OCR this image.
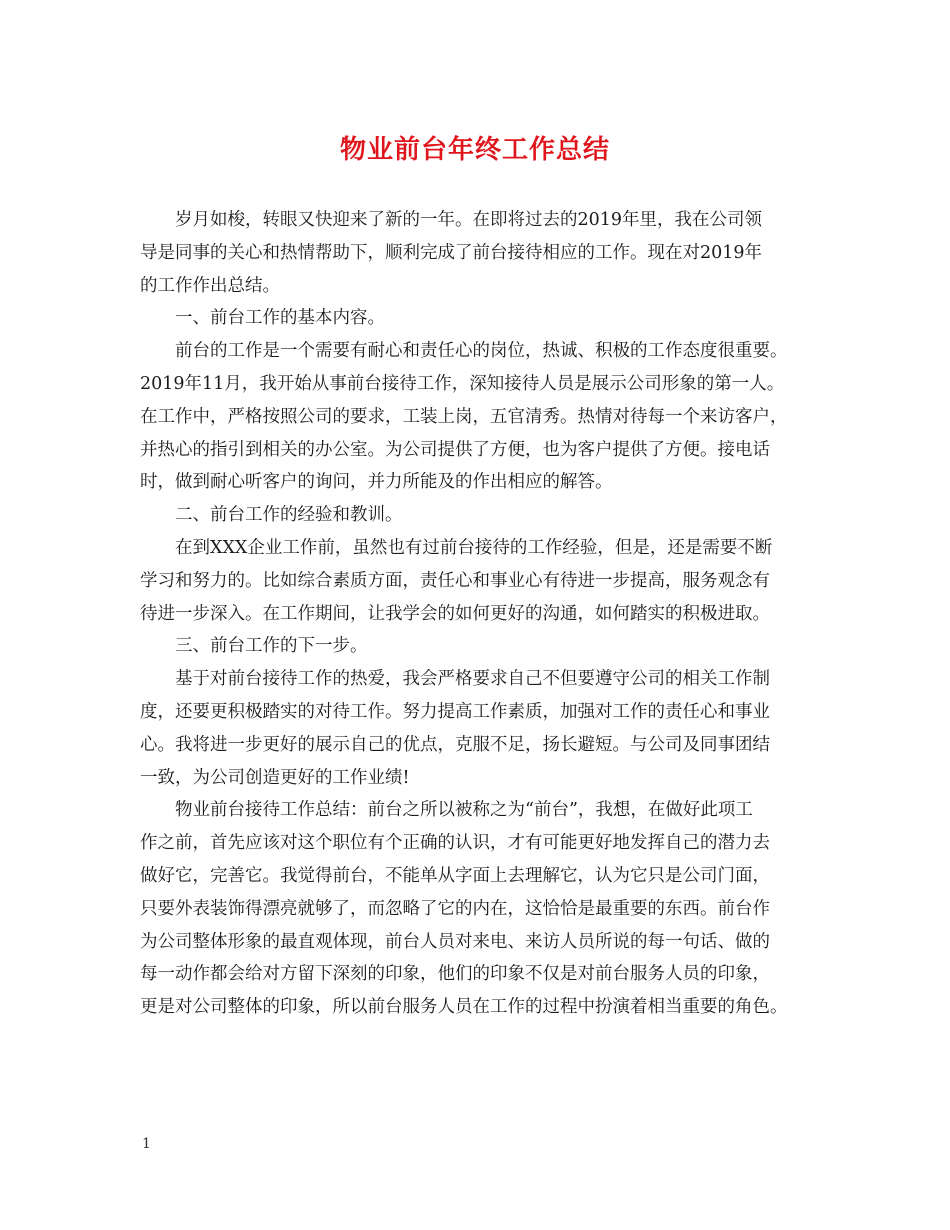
物业前台年终工作总结

岁月如梭，转眼又快迎来了新的一年。在即将过去的2019年里，我在公司领
导是同事的关心和热情帮助下，顺利完成了前台接待相应的工作。现在对2019年
的工作作出总结。

一、前台工作的基本内容。

前台的工作是一个需要有耐心和责任心的岗位，热诚、积极的工作态度很重要。
2019年11月，我开始从事前台接待工作，深知接待人员是展示公司形象的第一人。
在工作中，严格按照公司的要求，工装上岗，五官清秀。热情对待每一个来访客户，
并热心的指引到相关的办公室。为公司提供了方便，也为客户提供了方便。接电话
时，做到耐心听客户的询问，并力所能及的作出相应的解答。

二、前台工作的经验和教训。

在到XXX企业工作前，虽然也有过前台接待的工作经验，但是，还是需要不断
学习和努力的。比如综合素质方面，责任心和事业心有待进一步提高，服务观念有
待进一步深入。在工作期间，让我学会的如何更好的沟通，如何踏实的积极进取。

三、前台工作的下一步。

基于对前台接待工作的热爱，我会严格要求自己不但要遵守公司的相关工作制
度，还要更积极踏实的对待工作。努力提高工作素质，加强对工作的责任心和事业
心。我将进一步更好的展示自己的优点，克服不足，扬长避短。与公司及同事团结
一致，为公司创造更好的工作业绩!

物业前台接待工作总结：前台之所以被称之为“前台”，我想，在做好此项工
作之前，首先应该对这个职位有个正确的认识，才有可能更好地发挥自己的潜力去
做好它，完善它。我觉得前台，不能单从字面上去理解它，认为它只是公司门面，
只要外表装饰得漂亮就够了，而忽略了它的内在，这恰恰是最重要的东西。前台作
为公司整体形象的最直观体现，前台人员对来电、来访人员所说的每一句话、做的
每一动作都会给对方留下深刻的印象，他们的印象不仅是对前台服务人员的印象，
更是对公司整体的印象，所以前台服务人员在工作的过程中扮演着相当重要的角色。

1
